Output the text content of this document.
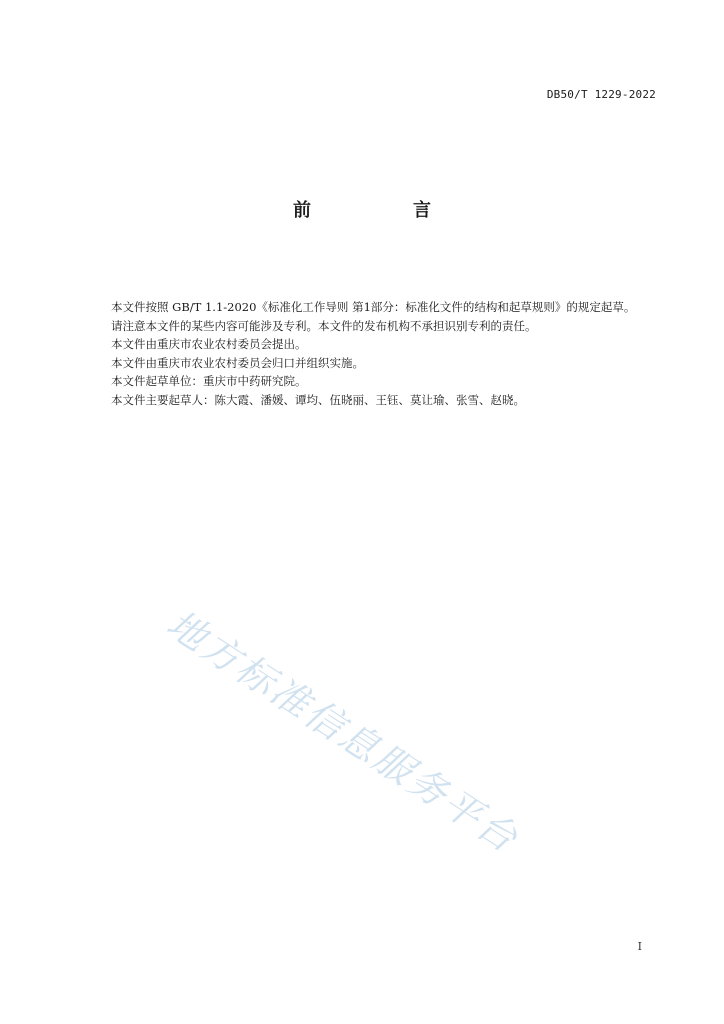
DB50/T 1229-2022
前　言

本文件按照 GB/T 1.1-2020《标准化工作导则 第1部分：标准化文件的结构和起草规则》的规定起草。

请注意本文件的某些内容可能涉及专利。本文件的发布机构不承担识别专利的责任。

本文件由重庆市农业农村委员会提出。

本文件由重庆市农业农村委员会归口并组织实施。

本文件起草单位：重庆市中药研究院。

本文件主要起草人：陈大霞、潘媛、谭均、伍晓丽、王钰、莫让瑜、张雪、赵晓。

地方标准信息服务平台
I
